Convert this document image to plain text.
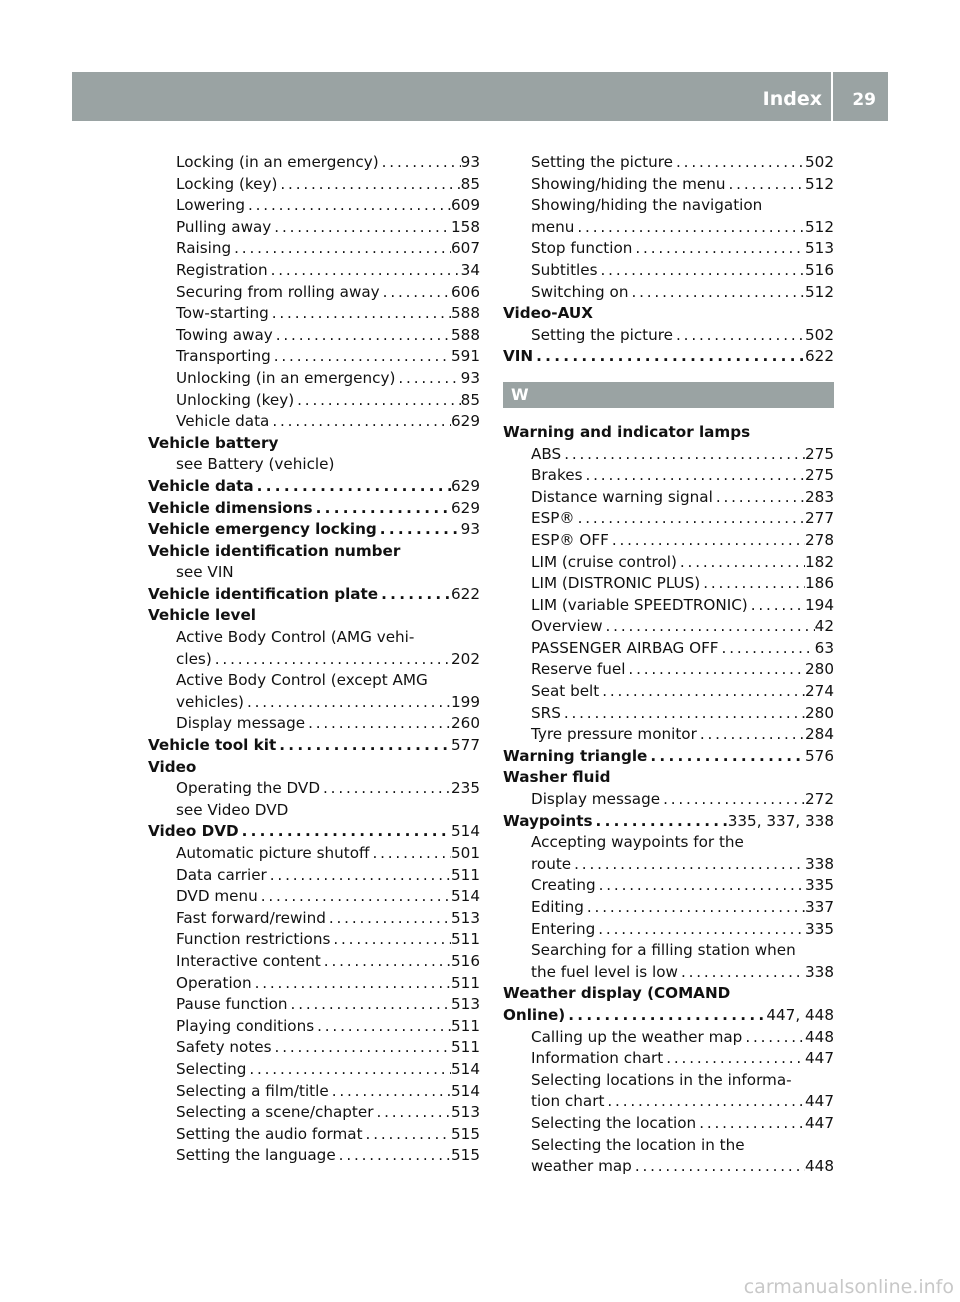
Index 29
Locking (in an emergency) . . .	93
Locking (key) . . .	85
Lowering . . .	609
Pulling away . . .	158
Raising . . .	607
Registration . . .	34
Securing from rolling away . . .	606
Tow-starting . . .	588
Towing away . . .	588
Transporting . . .	591
Unlocking (in an emergency) . . .	93
Unlocking (key) . . .	85
Vehicle data . . .	629
Vehicle battery
see Battery (vehicle)
Vehicle data . . .	629
Vehicle dimensions . . .	629
Vehicle emergency locking . . .	93
Vehicle identification number
see VIN
Vehicle identification plate . . .	622
Vehicle level
Active Body Control (AMG vehi-
cles) . . .	202
Active Body Control (except AMG
vehicles) . . .	199
Display message . . .	260
Vehicle tool kit . . .	577
Video
Operating the DVD . . .	235
see Video DVD
Video DVD . . .	514
Automatic picture shutoff . . .	501
Data carrier . . .	511
DVD menu . . .	514
Fast forward/rewind . . .	513
Function restrictions . . .	511
Interactive content . . .	516
Operation . . .	511
Pause function . . .	513
Playing conditions . . .	511
Safety notes . . .	511
Selecting . . .	514
Selecting a film/title . . .	514
Selecting a scene/chapter . . .	513
Setting the audio format . . .	515
Setting the language . . .	515
Setting the picture . . .	502
Showing/hiding the menu . . .	512
Showing/hiding the navigation
menu . . .	512
Stop function . . .	513
Subtitles . . .	516
Switching on . . .	512
Video-AUX
Setting the picture . . .	502
VIN . . .	622
W
Warning and indicator lamps
ABS . . .	275
Brakes . . .	275
Distance warning signal . . .	283
ESP® . . .	277
ESP® OFF . . .	278
LIM (cruise control) . . .	182
LIM (DISTRONIC PLUS) . . .	186
LIM (variable SPEEDTRONIC) . . .	194
Overview . . .	42
PASSENGER AIRBAG OFF . . .	63
Reserve fuel . . .	280
Seat belt . . .	274
SRS . . .	280
Tyre pressure monitor . . .	284
Warning triangle . . .	576
Washer fluid
Display message . . .	272
Waypoints . . .	335, 337, 338
Accepting waypoints for the
route . . .	338
Creating . . .	335
Editing . . .	337
Entering . . .	335
Searching for a filling station when
the fuel level is low . . .	338
Weather display (COMAND
Online) . . .	447, 448
Calling up the weather map . . .	448
Information chart . . .	447
Selecting locations in the informa-
tion chart . . .	447
Selecting the location . . .	447
Selecting the location in the
weather map . . .	448
carmanualsonline.info
